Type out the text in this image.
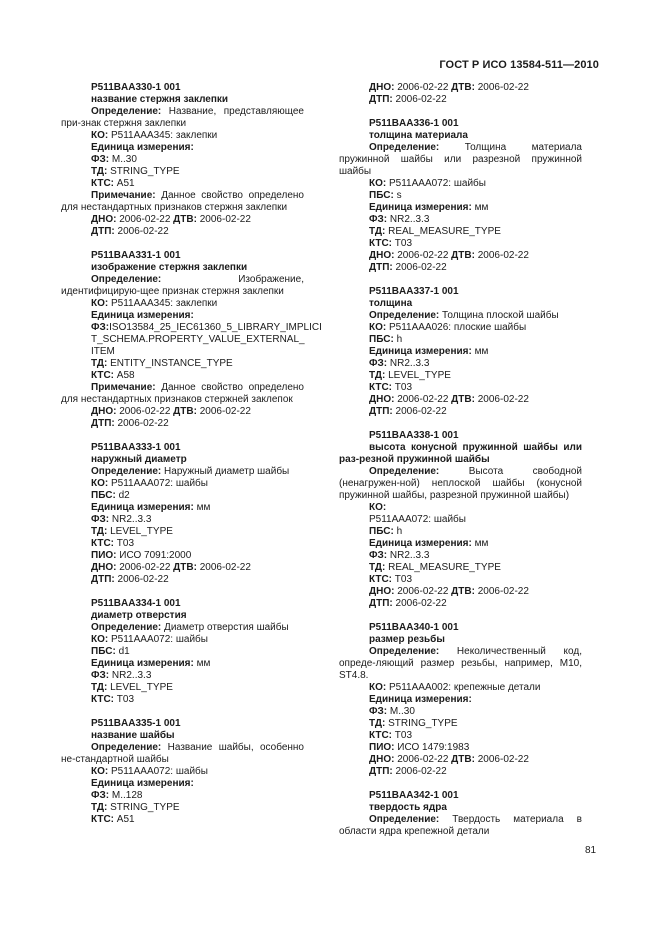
ГОСТ Р ИСО 13584-511—2010
P511BAA330-1 001
название стержня заклепки
Определение: Название, представляющее при-знак стержня заклепки
КО: P511AAA345: заклепки
Единица измерения:
ФЗ: M..30
ТД: STRING_TYPE
КТС: A51
Примечание: Данное свойство определено для нестандартных признаков стержня заклепки
ДНО: 2006-02-22 ДТВ: 2006-02-22
ДТП: 2006-02-22
P511BAA331-1 001
изображение стержня заклепки
Определение: Изображение, идентифицирую-щее признак стержня заклепки
КО: P511AAA345: заклепки
Единица измерения:
ФЗ:ISO13584_25_IEC61360_5_LIBRARY_IMPLICI
T_SCHEMA.PROPERTY_VALUE_EXTERNAL_
ITEM
ТД: ENTITY_INSTANCE_TYPE
КТС: A58
Примечание: Данное свойство определено для нестандартных признаков стержней заклепок
ДНО: 2006-02-22 ДТВ: 2006-02-22
ДТП: 2006-02-22
P511BAA333-1 001
наружный диаметр
Определение: Наружный диаметр шайбы
КО: P511AAA072: шайбы
ПБС: d2
Единица измерения: мм
ФЗ: NR2..3.3
ТД: LEVEL_TYPE
КТС: T03
ПИО: ИСО 7091:2000
ДНО: 2006-02-22 ДТВ: 2006-02-22
ДТП: 2006-02-22
P511BAA334-1 001
диаметр отверстия
Определение: Диаметр отверстия шайбы
КО: P511AAA072: шайбы
ПБС: d1
Единица измерения: мм
ФЗ: NR2..3.3
ТД: LEVEL_TYPE
КТС: T03
P511BAA335-1 001
название шайбы
Определение: Название шайбы, особенно не-стандартной шайбы
КО: P511AAA072: шайбы
Единица измерения:
ФЗ: M..128
ТД: STRING_TYPE
КТС: A51
ДНО: 2006-02-22 ДТВ: 2006-02-22
ДТП: 2006-02-22
P511BAA336-1 001
толщина материала
Определение: Толщина материала пружинной шайбы или разрезной пружинной шайбы
КО: P511AAA072: шайбы
ПБС: s
Единица измерения: мм
ФЗ: NR2..3.3
ТД: REAL_MEASURE_TYPE
КТС: T03
ДНО: 2006-02-22 ДТВ: 2006-02-22
ДТП: 2006-02-22
P511BAA337-1 001
толщина
Определение: Толщина плоской шайбы
КО: P511AAA026: плоские шайбы
ПБС: h
Единица измерения: мм
ФЗ: NR2..3.3
ТД: LEVEL_TYPE
КТС: T03
ДНО: 2006-02-22 ДТВ: 2006-02-22
ДТП: 2006-02-22
P511BAA338-1 001
высота конусной пружинной шайбы или раз-резной пружинной шайбы
Определение: Высота свободной (ненагружен-ной) неплоской шайбы (конусной пружинной шайбы, разрезной пружинной шайбы)
КО:
P511AAA072: шайбы
ПБС: h
Единица измерения: мм
ФЗ: NR2..3.3
ТД: REAL_MEASURE_TYPE
КТС: T03
ДНО: 2006-02-22 ДТВ: 2006-02-22
ДТП: 2006-02-22
P511BAA340-1 001
размер резьбы
Определение: Неколичественный код, опреде-ляющий размер резьбы, например, M10, ST4.8.
КО: P511AAA002: крепежные детали
Единица измерения:
ФЗ: M..30
ТД: STRING_TYPE
КТС: T03
ПИО: ИСО 1479:1983
ДНО: 2006-02-22 ДТВ: 2006-02-22
ДТП: 2006-02-22
P511BAA342-1 001
твердость ядра
Определение: Твердость материала в области ядра крепежной детали
81
